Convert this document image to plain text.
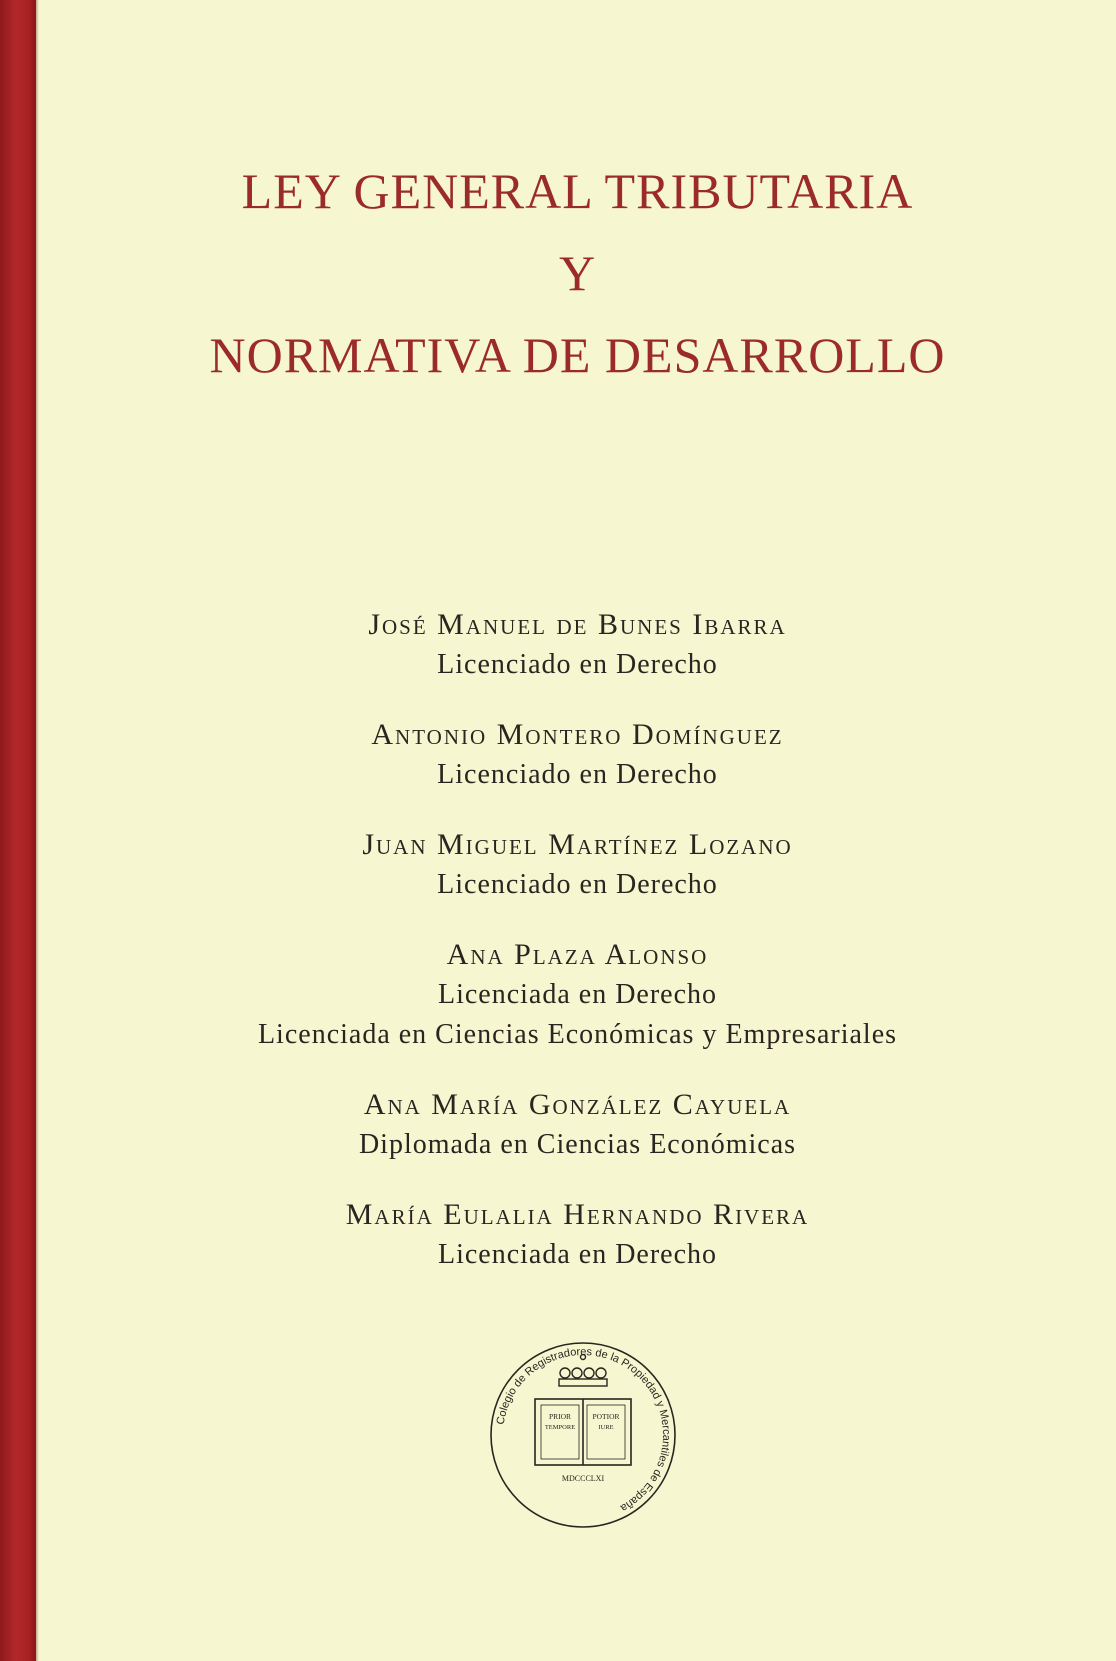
LEY GENERAL TRIBUTARIA
Y
NORMATIVA DE DESARROLLO
José Manuel de Bunes Ibarra
Licenciado en Derecho
Antonio Montero Domínguez
Licenciado en Derecho
Juan Miguel Martínez Lozano
Licenciado en Derecho
Ana Plaza Alonso
Licenciada en Derecho
Licenciada en Ciencias Económicas y Empresariales
Ana María González Cayuela
Diplomada en Ciencias Económicas
María Eulalia Hernando Rivera
Licenciada en Derecho
Colegio de Registradores de la Propiedad y Mercantiles de España
PRIOR
TEMPORE
POTIOR
IURE
MDCCCLXI
